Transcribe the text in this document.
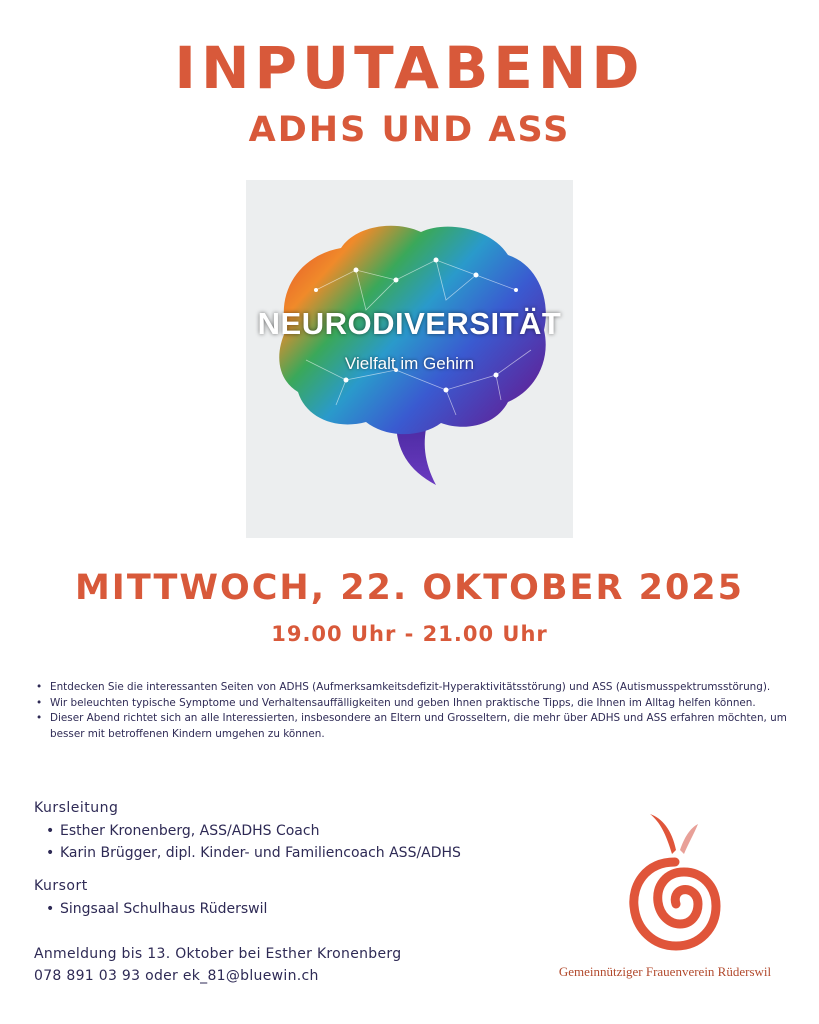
INPUTABEND
ADHS UND ASS
NEURODIVERSITÄT
Vielfalt im Gehirn
MITTWOCH, 22. OKTOBER 2025
19.00 Uhr - 21.00 Uhr
• Entdecken Sie die interessanten Seiten von ADHS (Aufmerksamkeitsdefizit-Hyperaktivitätsstörung) und ASS (Autismusspektrumsstörung).
• Wir beleuchten typische Symptome und Verhaltensauffälligkeiten und geben Ihnen praktische Tipps, die Ihnen im Alltag helfen können.
• Dieser Abend richtet sich an alle Interessierten, insbesondere an Eltern und Grosseltern, die mehr über ADHS und ASS erfahren möchten, um besser mit betroffenen Kindern umgehen zu können.
Kursleitung
• Esther Kronenberg, ASS/ADHS Coach
• Karin Brügger, dipl. Kinder- und Familiencoach ASS/ADHS
Kursort
• Singsaal Schulhaus Rüderswil
Anmeldung bis 13. Oktober bei Esther Kronenberg
078 891 03 93 oder ek_81@bluewin.ch	Gemeinnütziger Frauenverein Rüderswil
